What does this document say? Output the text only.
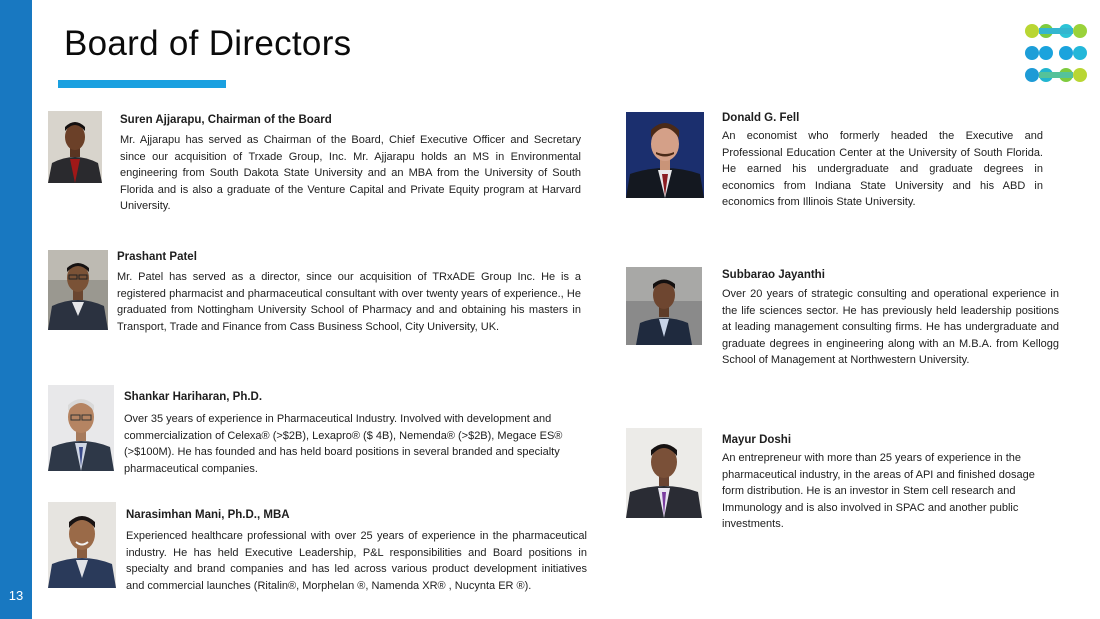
13
Board of Directors
Suren Ajjarapu, Chairman of the Board

Mr. Ajjarapu has served as Chairman of the Board, Chief Executive Officer and Secretary since our acquisition of Trxade Group, Inc. Mr. Ajjarapu holds an MS in Environmental engineering from South Dakota State University and an MBA from the University of South Florida and is also a graduate of the Venture Capital and Private Equity program at Harvard University.

Prashant Patel

Mr. Patel has served as a director, since our acquisition of TRxADE Group Inc. He is a registered pharmacist and pharmaceutical consultant with over twenty years of experience., He graduated from Nottingham University School of Pharmacy and and obtaining his masters in Transport, Trade and Finance from Cass Business School, City University, UK.

Shankar Hariharan, Ph.D.

Over 35 years of experience in Pharmaceutical Industry. Involved with development and commercialization of Celexa® (>$2B), Lexapro® ($ 4B), Nemenda® (>$2B), Megace ES® (>$100M). He has founded and has held board positions in several branded and specialty pharmaceutical companies.

Narasimhan Mani, Ph.D., MBA

Experienced healthcare professional with over 25 years of experience in the pharmaceutical industry. He has held Executive Leadership, P&L responsibilities and Board positions in specialty and brand companies and has led across various product development initiatives and commercial launches (Ritalin®, Morphelan ®, Namenda XR® , Nucynta ER ®).

Donald G. Fell

An economist who formerly headed the Executive and Professional Education Center at the University of South Florida. He earned his undergraduate and graduate degrees in economics from Indiana State University and his ABD in economics from Illinois State University.

Subbarao Jayanthi

Over 20 years of strategic consulting and operational experience in the life sciences sector. He has previously held leadership positions at leading management consulting firms. He has undergraduate and graduate degrees in engineering along with an M.B.A. from Kellogg School of Management at Northwestern University.

Mayur Doshi

An entrepreneur with more than 25 years of experience in the pharmaceutical industry, in the areas of API and finished dosage form distribution. He is an investor in Stem cell research and Immunology and is also involved in SPAC and another public investments.
